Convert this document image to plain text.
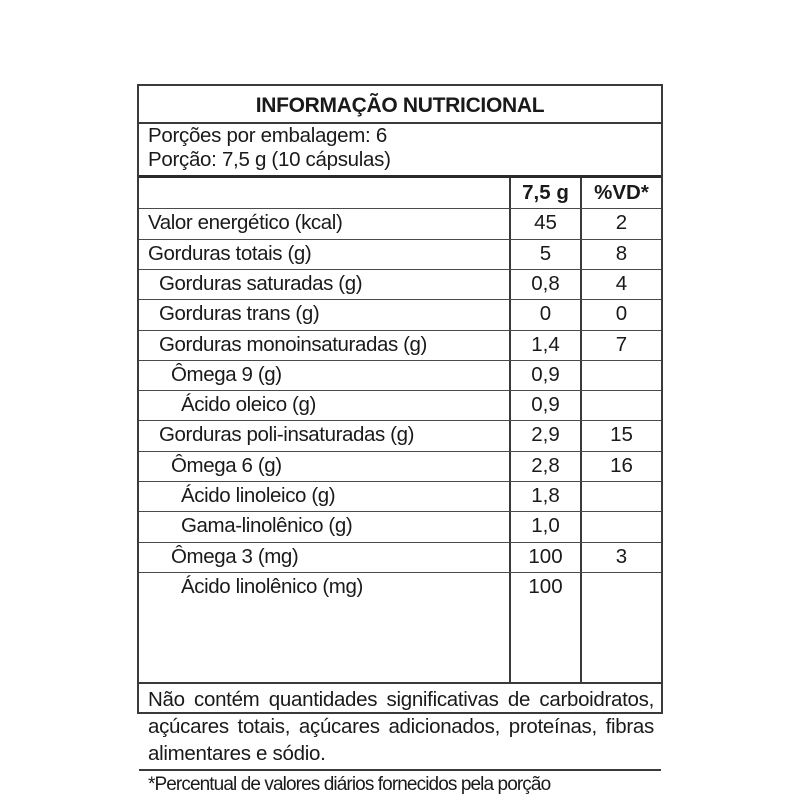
INFORMAÇÃO NUTRICIONAL
Porções por embalagem: 6
Porção: 7,5 g (10 cápsulas)
7,5 g	%VD*
Valor energético (kcal)	45	2
Gorduras totais (g)	5	8
Gorduras saturadas (g)	0,8	4
Gorduras trans (g)	0	0
Gorduras monoinsaturadas (g)	1,4	7
Ômega 9 (g)	0,9
Ácido oleico (g)	0,9
Gorduras poli-insaturadas (g)	2,9	15
Ômega 6 (g)	2,8	16
Ácido linoleico (g)	1,8
Gama-linolênico (g)	1,0
Ômega 3 (mg)	100	3
Ácido linolênico (mg)	100
Não contém quantidades significativas de carboidratos, açúcares totais, açúcares adicionados, proteínas, fibras alimentares e sódio.
*Percentual de valores diários fornecidos pela porção
